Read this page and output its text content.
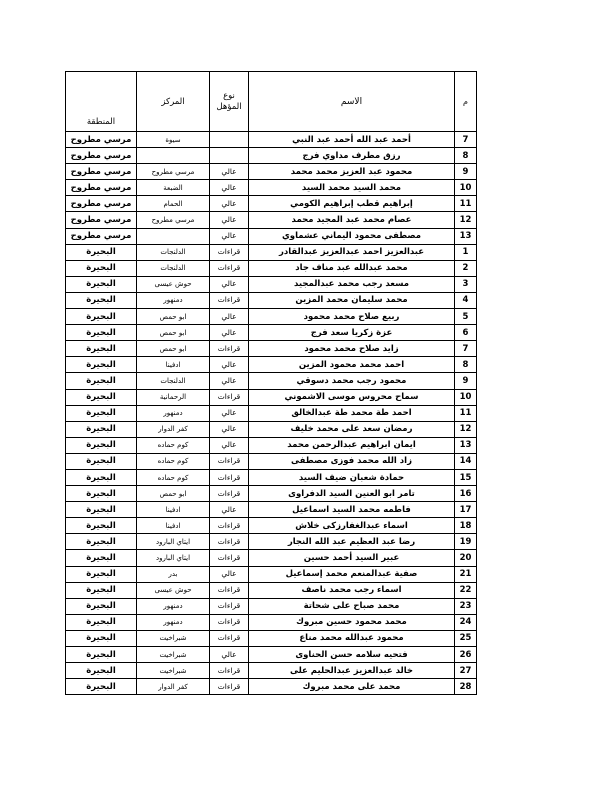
المنطقة	المركز	نوع المؤهل	الاسم	م
مرسي مطروح	سيوة		أحمد عبد الله أحمد عبد النبي	7
مرسي مطروح			رزق مطرف مداوي فرج	8
مرسي مطروح	مرسي مطروح	عالي	محمود عبد العزيز محمد محمد	9
مرسي مطروح	الضبعة	عالي	محمد السيد محمد السيد	10
مرسي مطروح	الحمام	عالي	إبراهيم قطب إبراهيم الكومي	11
مرسي مطروح	مرسي مطروح	عالي	عصام محمد عبد المجيد محمد	12
مرسي مطروح		عالي	مصطفى محمود اليماني عشماوي	13
البحيرة	الدلنجات	قراءات	عبدالعزيز احمد عبدالعزيز عبدالقادر	1
البحيرة	الدلنجات	قراءات	محمد عبدالله عبد مناف جاد	2
البحيرة	حوش عيسى	عالي	مسعد رجب محمد عبدالمجيد	3
البحيرة	دمنهور	قراءات	محمد سليمان محمد المزين	4
البحيرة	ابو حمص	عالي	ربيع صلاح محمد محمود	5
البحيرة	ابو حمص	عالي	عزة زكريا سعد فرج	6
البحيرة	ابو حمص	قراءات	زايد صلاح محمد محمود	7
البحيرة	ادفينا	عالي	احمد محمد محمود المزين	8
البحيرة	الدلنجات	عالي	محمود رجب محمد دسوقي	9
البحيرة	الرحمانية	قراءات	سماح محروس موسى الاشموني	10
البحيرة	دمنهور	عالي	احمد طة محمد طة عبدالخالق	11
البحيرة	كفر الدوار	عالي	رمضان سعد على محمد خليف	12
البحيرة	كوم حماده	عالي	ايمان ابراهيم عبدالرحمن محمد	13
البحيرة	كوم حماده	قراءات	زاد الله محمد فوزى مصطفى	14
البحيرة	كوم حماده	قراءات	حمادة شعبان ضيف السيد	15
البحيرة	ابو حمص	قراءات	تامر ابو العنين السيد الدفراوى	16
البحيرة	ادفينا	عالي	فاطمه محمد السيد اسماعيل	17
البحيرة	ادفينا	قراءات	اسماء عبدالغفارزكى خلاش	18
البحيرة	ايتاي البارود	قراءات	رضا عبد العظيم عبد الله النجار	19
البحيرة	ايتاي البارود	قراءات	عبير السيد أحمد حسين	20
البحيرة	بدر	عالي	صفية عبدالمنعم محمد إسماعيل	21
البحيرة	حوش عيسى	قراءات	اسماء رجب محمد ناصف	22
البحيرة	دمنهور	قراءات	محمد صباح على شحاتة	23
البحيرة	دمنهور	قراءات	محمد محمود حسين مبروك	24
البحيرة	شبراخيت	قراءات	محمود عبدالله محمد مناع	25
البحيرة	شبراخيت	عالي	فتحيه سلامه حسن الحناوى	26
البحيرة	شبراخيت	قراءات	خالد عبدالعزيز عبدالحليم على	27
البحيرة	كفر الدوار	قراءات	محمد على محمد مبروك	28
